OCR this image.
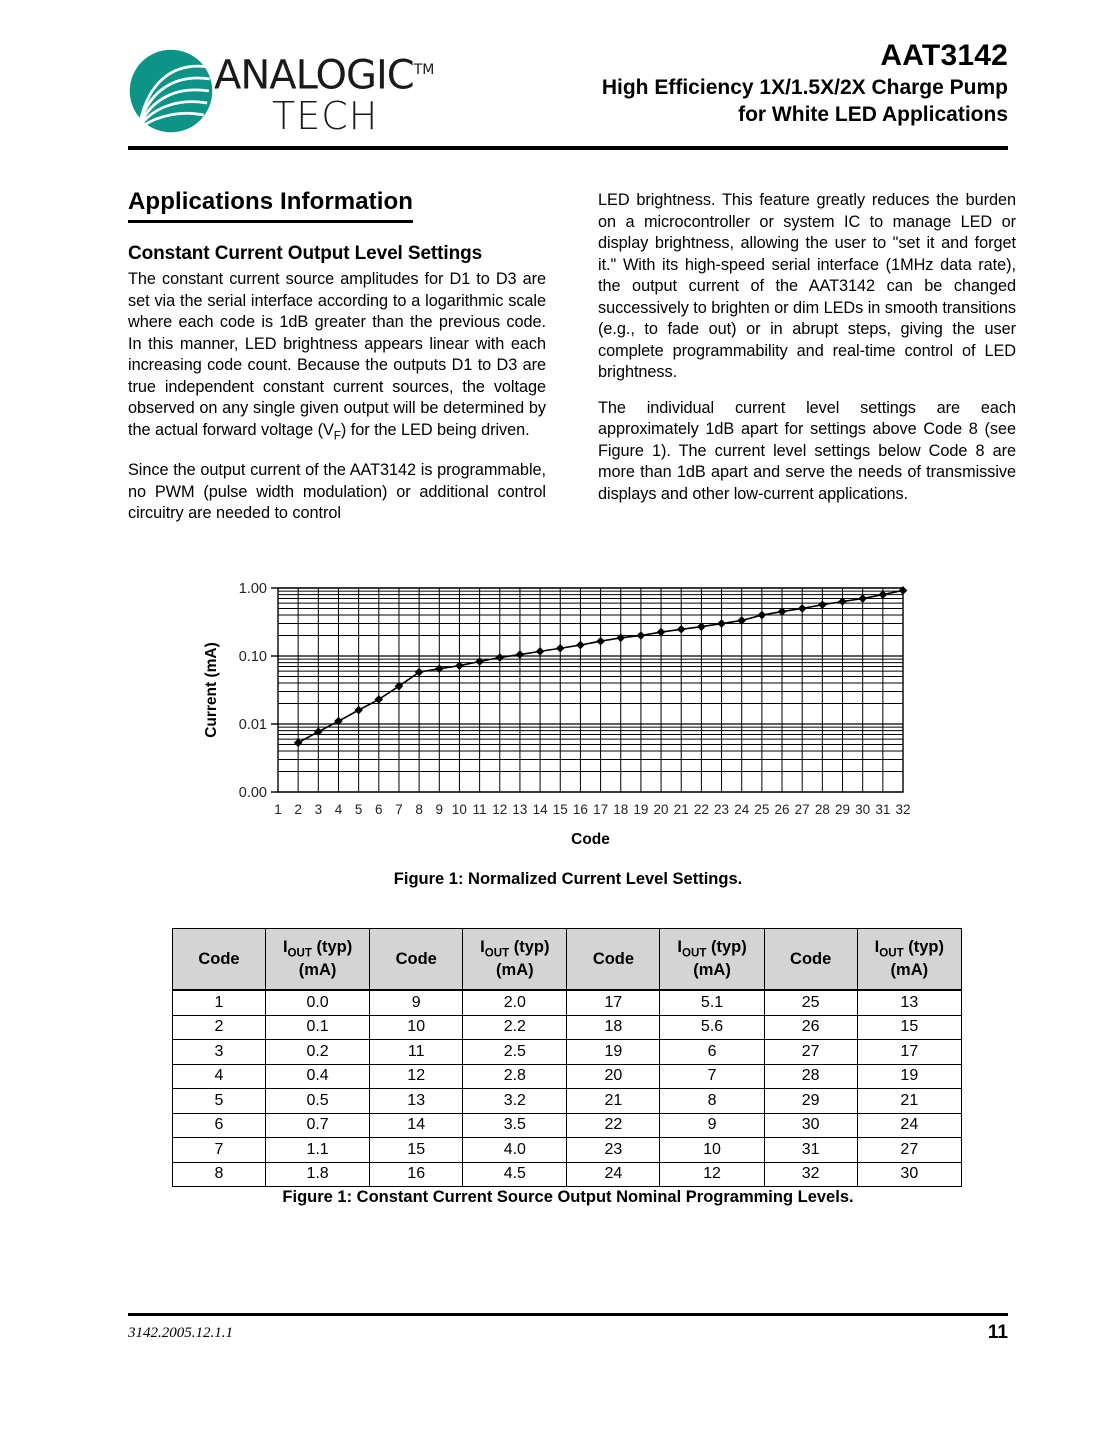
ANALOGIC™
TECH
AAT3142
High Efficiency 1X/1.5X/2X Charge Pump
for White LED Applications
Applications Information
Constant Current Output Level Settings

The constant current source amplitudes for D1 to D3 are set via the serial interface according to a logarithmic scale where each code is 1dB greater than the previous code. In this manner, LED brightness appears linear with each increasing code count. Because the outputs D1 to D3 are true independent constant current sources, the voltage observed on any single given output will be determined by the actual forward voltage $(V_F)$ for the LED being driven.

Since the output current of the AAT3142 is programmable, no PWM (pulse width modulation) or additional control circuitry are needed to control

LED brightness. This feature greatly reduces the burden on a microcontroller or system IC to manage LED or display brightness, allowing the user to "set it and forget it." With its high-speed serial interface (1MHz data rate), the output current of the AAT3142 can be changed successively to brighten or dim LEDs in smooth transitions (e.g., to fade out) or in abrupt steps, giving the user complete programmability and real-time control of LED brightness.

The individual current level settings are each approximately 1dB apart for settings above Code 8 (see Figure 1). The current level settings below Code 8 are more than 1dB apart and serve the needs of transmissive displays and other low-current applications.

1.00
0.10
0.01
0.00
Current (mA)
1 2 3 4 5 6 7 8 9 10 11 12 13 14 15 16 17 18 19 20 21 22 23 24 25 26 27 28 29 30 31 32
Code
Figure 1: Normalized Current Level Settings.
Code	$I_{OUT}$ (typ)
(mA)	Code	$I_{OUT}$ (typ)
(mA)	Code	$I_{OUT}$ (typ)
(mA)	Code	$I_{OUT}$ (typ)
(mA)
1	0.0	9	2.0	17	5.1	25	13
2	0.1	10	2.2	18	5.6	26	15
3	0.2	11	2.5	19	6	27	17
4	0.4	12	2.8	20	7	28	19
5	0.5	13	3.2	21	8	29	21
6	0.7	14	3.5	22	9	30	24
7	1.1	15	4.0	23	10	31	27
8	1.8	16	4.5	24	12	32	30
Figure 1: Constant Current Source Output Nominal Programming Levels.
3142.2005.12.1.1	11
